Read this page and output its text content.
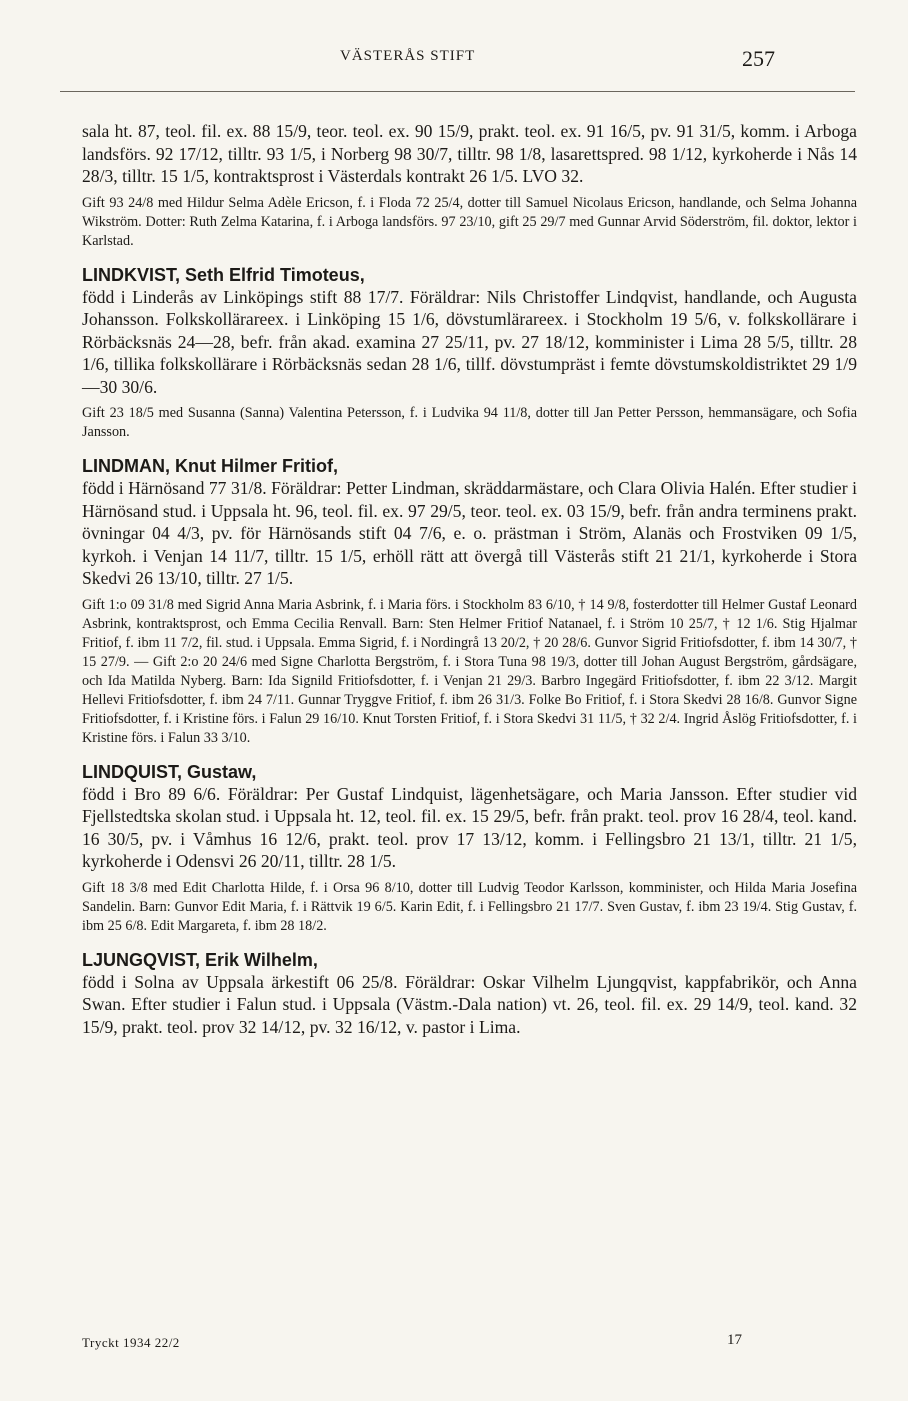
VÄSTERÅS STIFT	257

sala ht. 87, teol. fil. ex. 88 15/9, teor. teol. ex. 90 15/9, prakt. teol. ex. 91 16/5, pv. 91 31/5, komm. i Arboga landsförs. 92 17/12, tilltr. 93 1/5, i Norberg 98 30/7, tilltr. 98 1/8, lasarettspred. 98 1/12, kyrkoherde i Nås 14 28/3, tilltr. 15 1/5, kontraktsprost i Västerdals kontrakt 26 1/5. LVO 32.

Gift 93 24/8 med Hildur Selma Adèle Ericson, f. i Floda 72 25/4, dotter till Samuel Nicolaus Ericson, handlande, och Selma Johanna Wikström. Dotter: Ruth Zelma Katarina, f. i Arboga landsförs. 97 23/10, gift 25 29/7 med Gunnar Arvid Söderström, fil. doktor, lektor i Karlstad.

LINDKVIST, Seth Elfrid Timoteus,

född i Linderås av Linköpings stift 88 17/7. Föräldrar: Nils Christoffer Lindqvist, handlande, och Augusta Johansson. Folkskollärareex. i Linköping 15 1/6, dövstumlärareex. i Stockholm 19 5/6, v. folkskollärare i Rörbäcksnäs 24—28, befr. från akad. examina 27 25/11, pv. 27 18/12, komminister i Lima 28 5/5, tilltr. 28 1/6, tillika folkskollärare i Rörbäcksnäs sedan 28 1/6, tillf. dövstumpräst i femte dövstumskoldistriktet 29 1/9—30 30/6.

Gift 23 18/5 med Susanna (Sanna) Valentina Petersson, f. i Ludvika 94 11/8, dotter till Jan Petter Persson, hemmansägare, och Sofia Jansson.

LINDMAN, Knut Hilmer Fritiof,

född i Härnösand 77 31/8. Föräldrar: Petter Lindman, skräddarmästare, och Clara Olivia Halén. Efter studier i Härnösand stud. i Uppsala ht. 96, teol. fil. ex. 97 29/5, teor. teol. ex. 03 15/9, befr. från andra terminens prakt. övningar 04 4/3, pv. för Härnösands stift 04 7/6, e. o. prästman i Ström, Alanäs och Frostviken 09 1/5, kyrkoh. i Venjan 14 11/7, tilltr. 15 1/5, erhöll rätt att övergå till Västerås stift 21 21/1, kyrkoherde i Stora Skedvi 26 13/10, tilltr. 27 1/5.

Gift 1:o 09 31/8 med Sigrid Anna Maria Asbrink, f. i Maria förs. i Stockholm 83 6/10, † 14 9/8, fosterdotter till Helmer Gustaf Leonard Asbrink, kontraktsprost, och Emma Cecilia Renvall. Barn: Sten Helmer Fritiof Natanael, f. i Ström 10 25/7, † 12 1/6. Stig Hjalmar Fritiof, f. ibm 11 7/2, fil. stud. i Uppsala. Emma Sigrid, f. i Nordingrå 13 20/2, † 20 28/6. Gunvor Sigrid Fritiofsdotter, f. ibm 14 30/7, † 15 27/9. — Gift 2:o 20 24/6 med Signe Charlotta Bergström, f. i Stora Tuna 98 19/3, dotter till Johan August Bergström, gårdsägare, och Ida Matilda Nyberg. Barn: Ida Signild Fritiofsdotter, f. i Venjan 21 29/3. Barbro Ingegärd Fritiofsdotter, f. ibm 22 3/12. Margit Hellevi Fritiofsdotter, f. ibm 24 7/11. Gunnar Tryggve Fritiof, f. ibm 26 31/3. Folke Bo Fritiof, f. i Stora Skedvi 28 16/8. Gunvor Signe Fritiofsdotter, f. i Kristine förs. i Falun 29 16/10. Knut Torsten Fritiof, f. i Stora Skedvi 31 11/5, † 32 2/4. Ingrid Åslög Fritiofsdotter, f. i Kristine förs. i Falun 33 3/10.

LINDQUIST, Gustaw,

född i Bro 89 6/6. Föräldrar: Per Gustaf Lindquist, lägenhetsägare, och Maria Jansson. Efter studier vid Fjellstedtska skolan stud. i Uppsala ht. 12, teol. fil. ex. 15 29/5, befr. från prakt. teol. prov 16 28/4, teol. kand. 16 30/5, pv. i Våmhus 16 12/6, prakt. teol. prov 17 13/12, komm. i Fellingsbro 21 13/1, tilltr. 21 1/5, kyrkoherde i Odensvi 26 20/11, tilltr. 28 1/5.

Gift 18 3/8 med Edit Charlotta Hilde, f. i Orsa 96 8/10, dotter till Ludvig Teodor Karlsson, komminister, och Hilda Maria Josefina Sandelin. Barn: Gunvor Edit Maria, f. i Rättvik 19 6/5. Karin Edit, f. i Fellingsbro 21 17/7. Sven Gustav, f. ibm 23 19/4. Stig Gustav, f. ibm 25 6/8. Edit Margareta, f. ibm 28 18/2.

LJUNGQVIST, Erik Wilhelm,

född i Solna av Uppsala ärkestift 06 25/8. Föräldrar: Oskar Vilhelm Ljungqvist, kappfabrikör, och Anna Swan. Efter studier i Falun stud. i Uppsala (Västm.-Dala nation) vt. 26, teol. fil. ex. 29 14/9, teol. kand. 32 15/9, prakt. teol. prov 32 14/12, pv. 32 16/12, v. pastor i Lima.

Tryckt 1934 22/2	17
